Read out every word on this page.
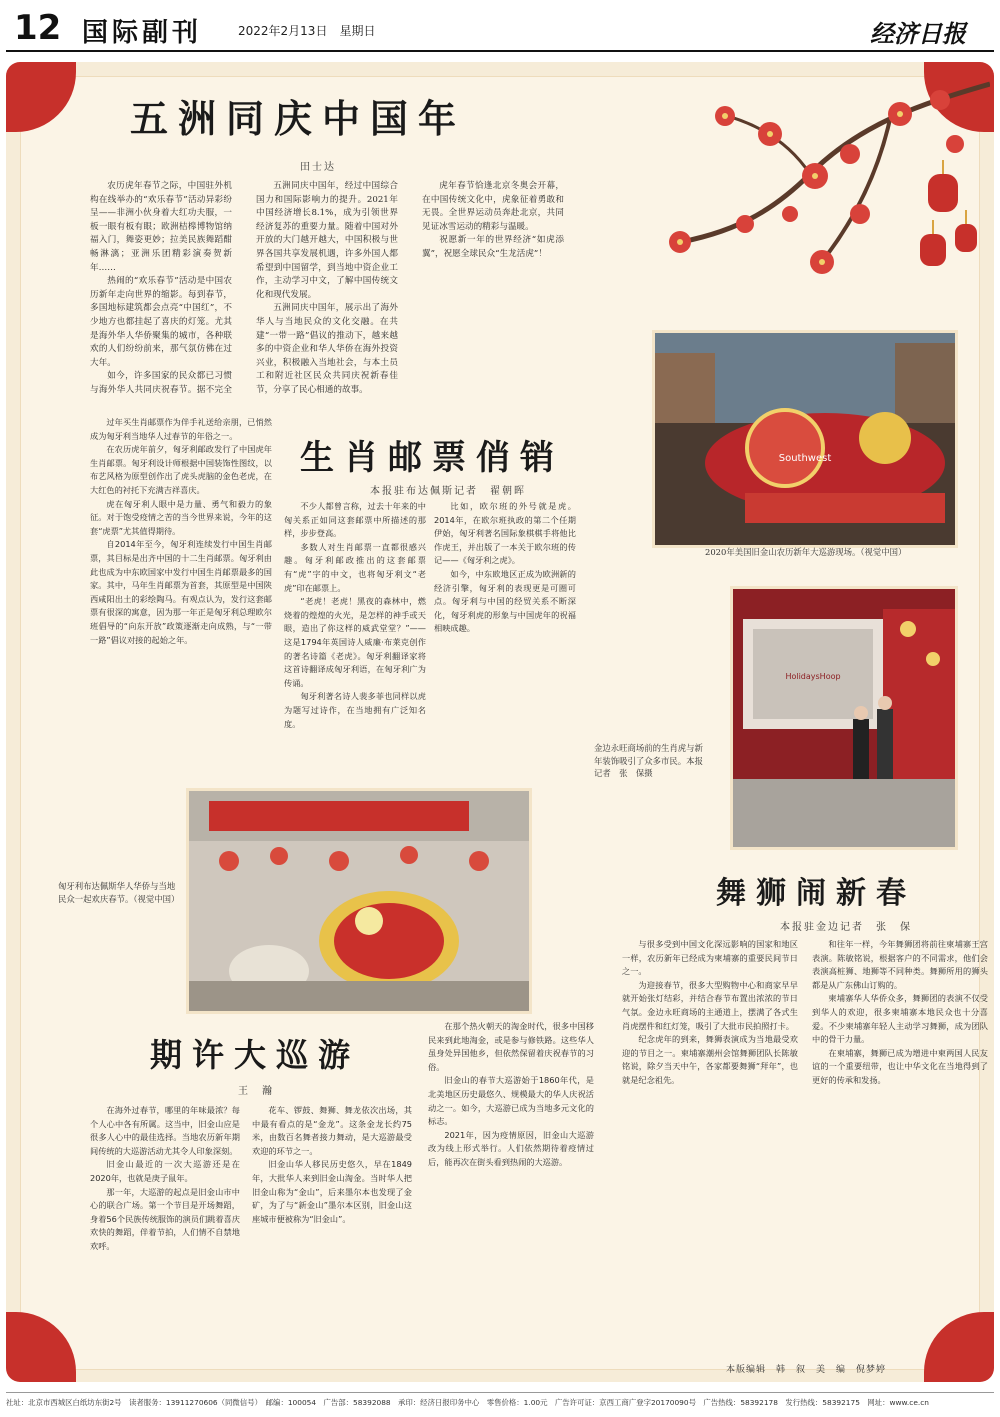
12 国际副刊	2022年2月13日　星期日	经济日报
五洲同庆中国年
田士达

农历虎年春节之际，中国驻外机构在线举办的“欢乐春节”活动异彩纷呈——非洲小伙身着大红功夫服，一板一眼有板有眼；欧洲桔槔博物馆纳福入门，舞姿更妙；拉美民族舞蹈酣畅淋漓；亚洲乐团精彩演奏贺新年……

热闹的“欢乐春节”活动是中国农历新年走向世界的缩影。每到春节，多国地标建筑都会点亮“中国红”，不少地方也都挂起了喜庆的灯笼。尤其是海外华人华侨聚集的城市，各种联欢的人们纷纷前来，那气氛仿佛在过大年。

如今，许多国家的民众都已习惯与海外华人共同庆祝春节。据不完全

五洲同庆中国年，经过中国综合国力和国际影响力的提升。2021年中国经济增长8.1%，成为引领世界经济复苏的重要力量。随着中国对外开放的大门越开越大，中国积极与世界各国共享发展机遇，许多外国人都希望到中国留学，到当地中资企业工作，主动学习中文，了解中国传统文化和现代发展。

五洲同庆中国年，展示出了海外华人与当地民众的文化交融。在共建“一带一路”倡议的推动下，越来越多的中资企业和华人华侨在海外投资兴业，积极融入当地社会，与本土员工和附近社区民众共同庆祝新春佳节，分享了民心相通的故事。

虎年春节恰逢北京冬奥会开幕，在中国传统文化中，虎象征着勇敢和无畏。全世界运动员奔赴北京，共同见证冰雪运动的精彩与温暖。

祝愿新一年的世界经济“如虎添翼”，祝愿全球民众“生龙活虎”！

Southwest
2020年美国旧金山农历新年大巡游现场。（视觉中国）
生肖邮票俏销
本报驻布达佩斯记者　翟朝晖

过年买生肖邮票作为伴手礼送给亲朋，已悄然成为匈牙利当地华人过春节的年俗之一。

在农历虎年前夕，匈牙利邮政发行了中国虎年生肖邮票。匈牙利设计师根据中国装饰性图纹，以布艺风格为原型创作出了虎头虎脑的金色老虎，在大红色的衬托下充满吉祥喜庆。

虎在匈牙利人眼中是力量、勇气和毅力的象征。对于饱受疫情之苦的当今世界来说，今年的这套“虎票”尤其值得期待。

自2014年至今，匈牙利连续发行中国生肖邮票，其目标是出齐中国的十二生肖邮票。匈牙利由此也成为中东欧国家中发行中国生肖邮票最多的国家。其中，马年生肖邮票为首套，其原型是中国陕西咸阳出土的彩绘陶马。有观点认为，发行这套邮票有很深的寓意，因为那一年正是匈牙利总理欧尔班倡导的“向东开放”政策逐渐走向成熟，与“一带一路”倡议对接的起始之年。

不少人都曾言称，过去十年来的中匈关系正如同这套邮票中所描述的那样，步步登高。

多数人对生肖邮票一直都很感兴趣。匈牙利邮政推出的这套邮票有“虎”字的中文，也将匈牙利文“老虎”印在邮票上。

“老虎！老虎！黑夜的森林中，燃烧着的煌煌的火光，是怎样的神手或天眼，造出了你这样的威武堂堂？”——这是1794年英国诗人威廉·布莱克创作的著名诗篇《老虎》。匈牙利翻译家将这首诗翻译成匈牙利语，在匈牙利广为传诵。

匈牙利著名诗人裴多菲也同样以虎为题写过诗作，在当地拥有广泛知名度。

比如，欧尔班的外号就是虎。2014年，在欧尔班执政的第二个任期伊始，匈牙利著名国际象棋棋手将他比作虎王，并出版了一本关于欧尔班的传记——《匈牙利之虎》。

如今，中东欧地区正成为欧洲新的经济引擎，匈牙利的表现更是可圈可点。匈牙利与中国的经贸关系不断深化，匈牙利虎的形象与中国虎年的祝福相映成趣。

HolidaysHoop
金边永旺商场前的生肖虎与新年装饰吸引了众多市民。本报记者　张　保摄
匈牙利布达佩斯华人华侨与当地民众一起欢庆春节。（视觉中国）	舞狮闹新春
本报驻金边记者　张　保

与很多受到中国文化深远影响的国家和地区一样，农历新年已经成为柬埔寨的重要民间节日之一。

为迎接春节，很多大型购物中心和商家早早就开始张灯结彩，并结合春节布置出浓浓的节日气氛。金边永旺商场的主通道上，摆满了各式生肖虎摆件和红灯笼，吸引了大批市民拍照打卡。

纪念虎年的到来，舞狮表演成为当地最受欢迎的节目之一。柬埔寨潮州会馆舞狮团队长陈敏铭说，除夕当天中午，各家都要舞狮“拜年”，也就是纪念祖先。

和往年一样，今年舞狮团将前往柬埔寨王宫表演。陈敏铭说，根据客户的不同需求，他们会表演高桩狮、地狮等不同种类。舞狮所用的狮头都是从广东佛山订购的。

柬埔寨华人华侨众多，舞狮团的表演不仅受到华人的欢迎，很多柬埔寨本地民众也十分喜爱。不少柬埔寨年轻人主动学习舞狮，成为团队中的骨干力量。

在柬埔寨，舞狮已成为增进中柬两国人民友谊的一个重要纽带，也让中华文化在当地得到了更好的传承和发扬。

期许大巡游
王　瀚

在海外过春节，哪里的年味最浓？每个人心中各有所属。这当中，旧金山应是很多人心中的最佳选择。当地农历新年期间传统的大巡游活动尤其令人印象深刻。

旧金山最近的一次大巡游还是在2020年，也就是庚子鼠年。

那一年，大巡游的起点是旧金山市中心的联合广场。第一个节目是开场舞蹈，身着56个民族传统服饰的演员们跳着喜庆欢快的舞蹈，伴着节拍，人们情不自禁地欢呼。

花车、锣鼓、舞狮、舞龙依次出场，其中最有看点的是“金龙”。这条金龙长约75米，由数百名舞者接力舞动，是大巡游最受欢迎的环节之一。

旧金山华人移民历史悠久，早在1849年，大批华人来到旧金山淘金。当时华人把旧金山称为“金山”，后来墨尔本也发现了金矿，为了与“新金山”墨尔本区别，旧金山这座城市便被称为“旧金山”。

在那个热火朝天的淘金时代，很多中国移民来到此地淘金，或是参与修铁路。这些华人虽身处异国他乡，但依然保留着庆祝春节的习俗。

旧金山的春节大巡游始于1860年代，是北美地区历史最悠久、规模最大的华人庆祝活动之一。如今，大巡游已成为当地多元文化的标志。

2021年，因为疫情原因，旧金山大巡游改为线上形式举行。人们依然期待着疫情过后，能再次在街头看到热闹的大巡游。

本版编辑　韩　叙　美　编　倪梦婷
社址：北京市西城区白纸坊东街2号　读者服务：13911270606（同微信号）　邮编：100054　广告部：58392088　承印：经济日报印务中心　零售价格：1.00元　广告许可证：京西工商广登字20170090号　广告热线：58392178　发行热线：58392175　网址：www.ce.cn
